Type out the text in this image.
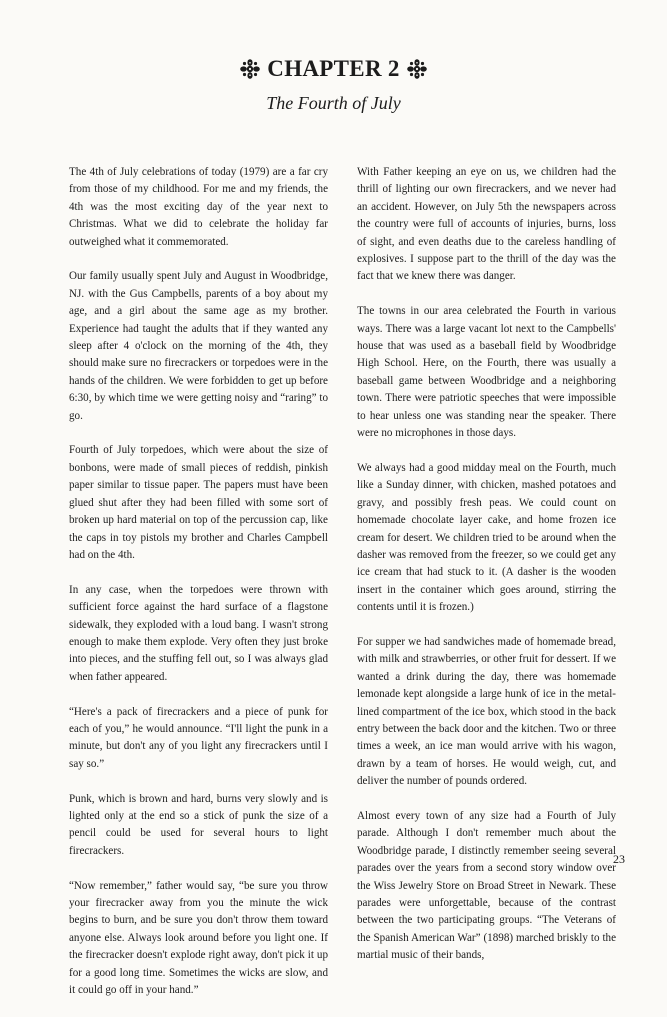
CHAPTER 2
The Fourth of July

The 4th of July celebrations of today (1979) are a far cry from those of my childhood. For me and my friends, the 4th was the most exciting day of the year next to Christmas. What we did to celebrate the holiday far outweighed what it commemorated.

Our family usually spent July and August in Woodbridge, NJ. with the Gus Campbells, parents of a boy about my age, and a girl about the same age as my brother. Experience had taught the adults that if they wanted any sleep after 4 o'clock on the morning of the 4th, they should make sure no firecrackers or torpedoes were in the hands of the children. We were forbidden to get up before 6:30, by which time we were getting noisy and “raring” to go.

Fourth of July torpedoes, which were about the size of bonbons, were made of small pieces of reddish, pinkish paper similar to tissue paper. The papers must have been glued shut after they had been filled with some sort of broken up hard material on top of the percussion cap, like the caps in toy pistols my brother and Charles Campbell had on the 4th.

In any case, when the torpedoes were thrown with sufficient force against the hard surface of a flagstone sidewalk, they exploded with a loud bang. I wasn't strong enough to make them explode. Very often they just broke into pieces, and the stuffing fell out, so I was always glad when father appeared.

“Here's a pack of firecrackers and a piece of punk for each of you,” he would announce. “I'll light the punk in a minute, but don't any of you light any firecrackers until I say so.”

Punk, which is brown and hard, burns very slowly and is lighted only at the end so a stick of punk the size of a pencil could be used for several hours to light firecrackers.

“Now remember,” father would say, “be sure you throw your firecracker away from you the minute the wick begins to burn, and be sure you don't throw them toward anyone else. Always look around before you light one. If the firecracker doesn't explode right away, don't pick it up for a good long time. Sometimes the wicks are slow, and it could go off in your hand.”

With Father keeping an eye on us, we children had the thrill of lighting our own firecrackers, and we never had an accident. However, on July 5th the newspapers across the country were full of accounts of injuries, burns, loss of sight, and even deaths due to the careless handling of explosives. I suppose part to the thrill of the day was the fact that we knew there was danger.

The towns in our area celebrated the Fourth in various ways. There was a large vacant lot next to the Campbells' house that was used as a baseball field by Woodbridge High School. Here, on the Fourth, there was usually a baseball game between Woodbridge and a neighboring town. There were patriotic speeches that were impossible to hear unless one was standing near the speaker. There were no microphones in those days.

We always had a good midday meal on the Fourth, much like a Sunday dinner, with chicken, mashed potatoes and gravy, and possibly fresh peas. We could count on homemade chocolate layer cake, and home frozen ice cream for desert. We children tried to be around when the dasher was removed from the freezer, so we could get any ice cream that had stuck to it. (A dasher is the wooden insert in the container which goes around, stirring the contents until it is frozen.)

For supper we had sandwiches made of homemade bread, with milk and strawberries, or other fruit for dessert. If we wanted a drink during the day, there was homemade lemonade kept alongside a large hunk of ice in the metal-lined compartment of the ice box, which stood in the back entry between the back door and the kitchen. Two or three times a week, an ice man would arrive with his wagon, drawn by a team of horses. He would weigh, cut, and deliver the number of pounds ordered.

Almost every town of any size had a Fourth of July parade. Although I don't remember much about the Woodbridge parade, I distinctly remember seeing several parades over the years from a second story window over the Wiss Jewelry Store on Broad Street in Newark. These parades were unforgettable, because of the contrast between the two participating groups. “The Veterans of the Spanish American War” (1898) marched briskly to the martial music of their bands,

23
